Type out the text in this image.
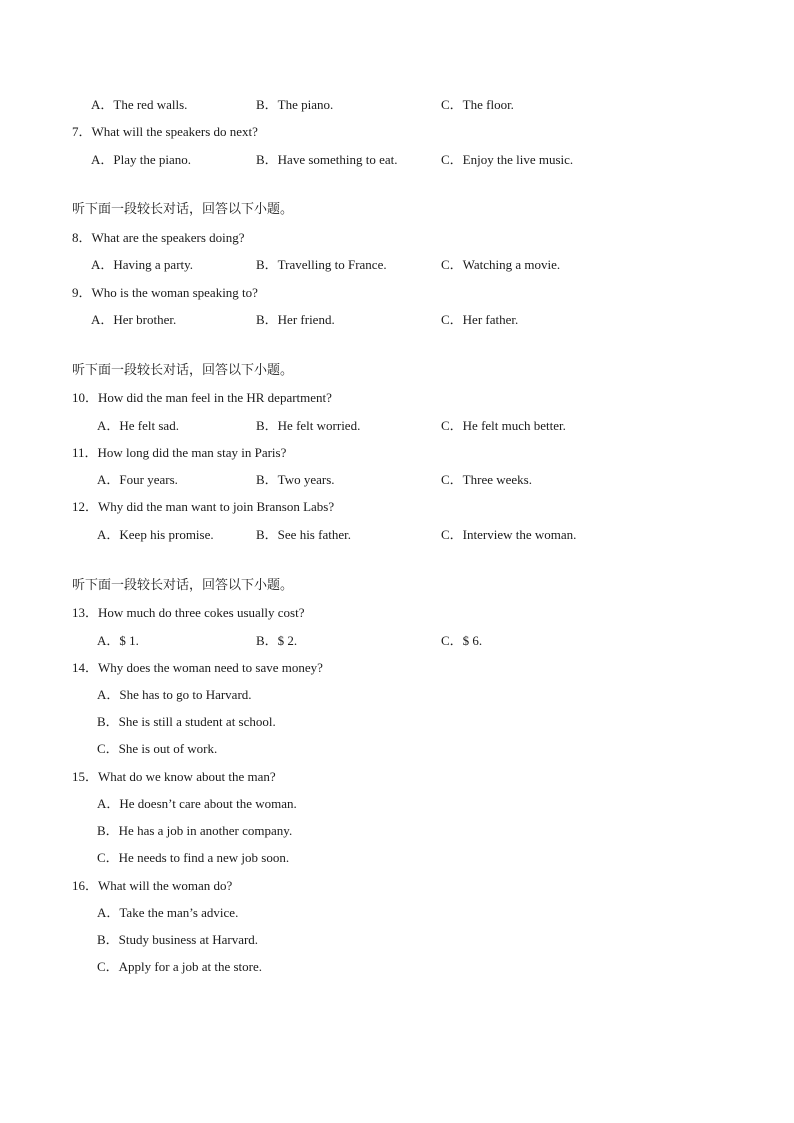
A．The red walls.	B．The piano.	C．The floor.
7．What will the speakers do next?
A．Play the piano.	B．Have something to eat.	C．Enjoy the live music.
听下面一段较长对话，回答以下小题。
8．What are the speakers doing?
A．Having a party.	B．Travelling to France.	C．Watching a movie.
9．Who is the woman speaking to?
A．Her brother.	B．Her friend.	C．Her father.
听下面一段较长对话，回答以下小题。
10．How did the man feel in the HR department?
A．He felt sad.	B．He felt worried.	C．He felt much better.
11．How long did the man stay in Paris?
A．Four years.	B．Two years.	C．Three weeks.
12．Why did the man want to join Branson Labs?
A．Keep his promise.	B．See his father.	C．Interview the woman.
听下面一段较长对话，回答以下小题。
13．How much do three cokes usually cost?
A．$ 1.	B．$ 2.	C．$ 6.
14．Why does the woman need to save money?
A．She has to go to Harvard.
B．She is still a student at school.
C．She is out of work.
15．What do we know about the man?
A．He doesn’t care about the woman.
B．He has a job in another company.
C．He needs to find a new job soon.
16．What will the woman do?
A．Take the man’s advice.
B．Study business at Harvard.
C．Apply for a job at the store.
